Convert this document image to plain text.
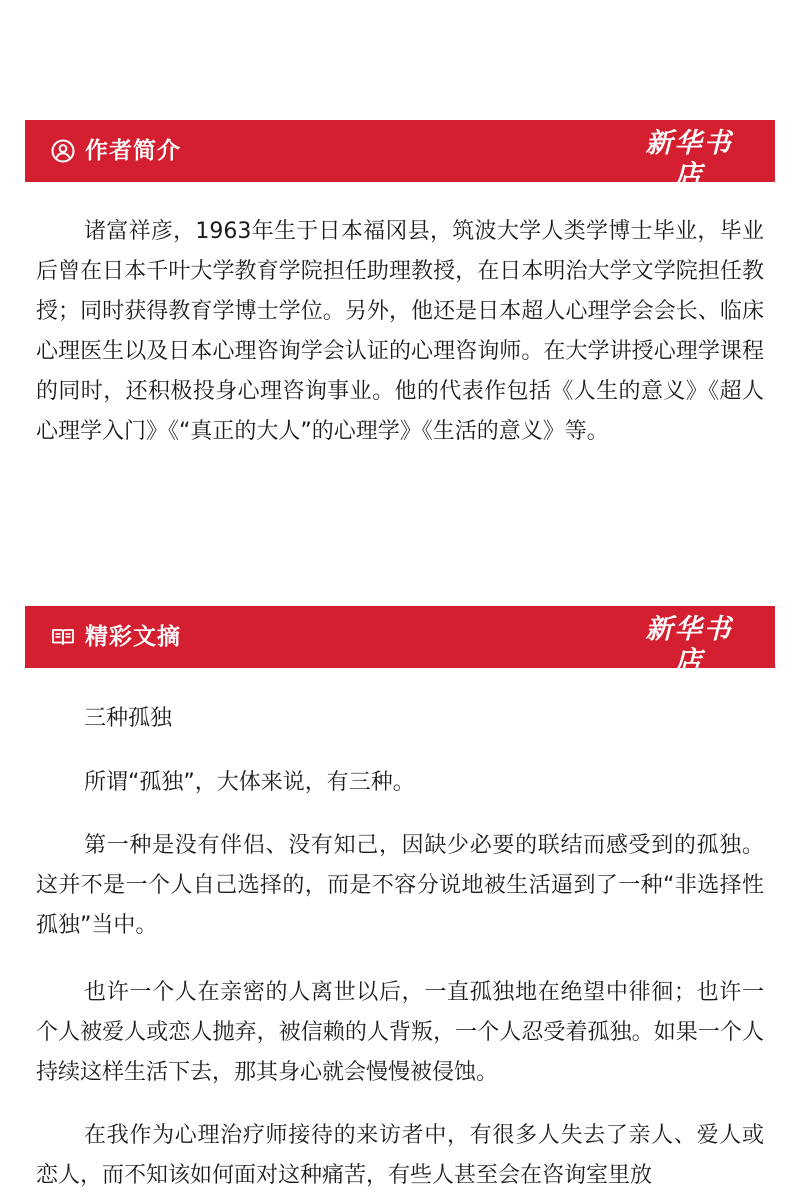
作者简介	新华书店
XINHUA BOOKSTORE

诸富祥彦，1963年生于日本福冈县，筑波大学人类学博士毕业，毕业后曾在日本千叶大学教育学院担任助理教授，在日本明治大学文学院担任教授；同时获得教育学博士学位。另外，他还是日本超人心理学会会长、临床心理医生以及日本心理咨询学会认证的心理咨询师。在大学讲授心理学课程的同时，还积极投身心理咨询事业。他的代表作包括《人生的意义》《超人心理学入门》《“真正的大人”的心理学》《生活的意义》等。

精彩文摘	新华书店
XINHUA BOOKSTORE

三种孤独

所谓“孤独”，大体来说，有三种。

第一种是没有伴侣、没有知己，因缺少必要的联结而感受到的孤独。这并不是一个人自己选择的，而是不容分说地被生活逼到了一种“非选择性孤独”当中。

也许一个人在亲密的人离世以后，一直孤独地在绝望中徘徊；也许一个人被爱人或恋人抛弃，被信赖的人背叛，一个人忍受着孤独。如果一个人持续这样生活下去，那其身心就会慢慢被侵蚀。

在我作为心理治疗师接待的来访者中，有很多人失去了亲人、爱人或恋人，而不知该如何面对这种痛苦，有些人甚至会在咨询室里放
